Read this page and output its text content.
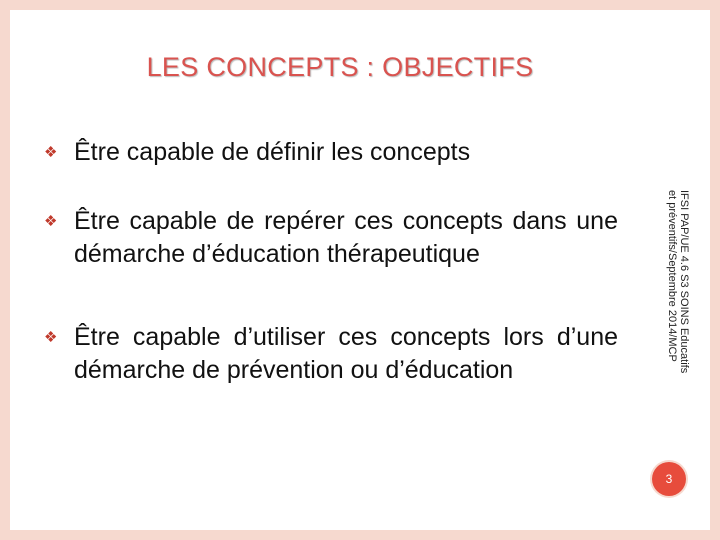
LES CONCEPTS : OBJECTIFS
❖ Être capable de définir les concepts
❖ Être capable de repérer ces concepts dans une démarche d’éducation thérapeutique
❖ Être capable d’utiliser ces concepts lors d’une démarche de prévention ou d’éducation	IFSI PAP/UE 4.6 S3 SOINS Educatifs et préventifs/Septembre 2014/MCP
3
